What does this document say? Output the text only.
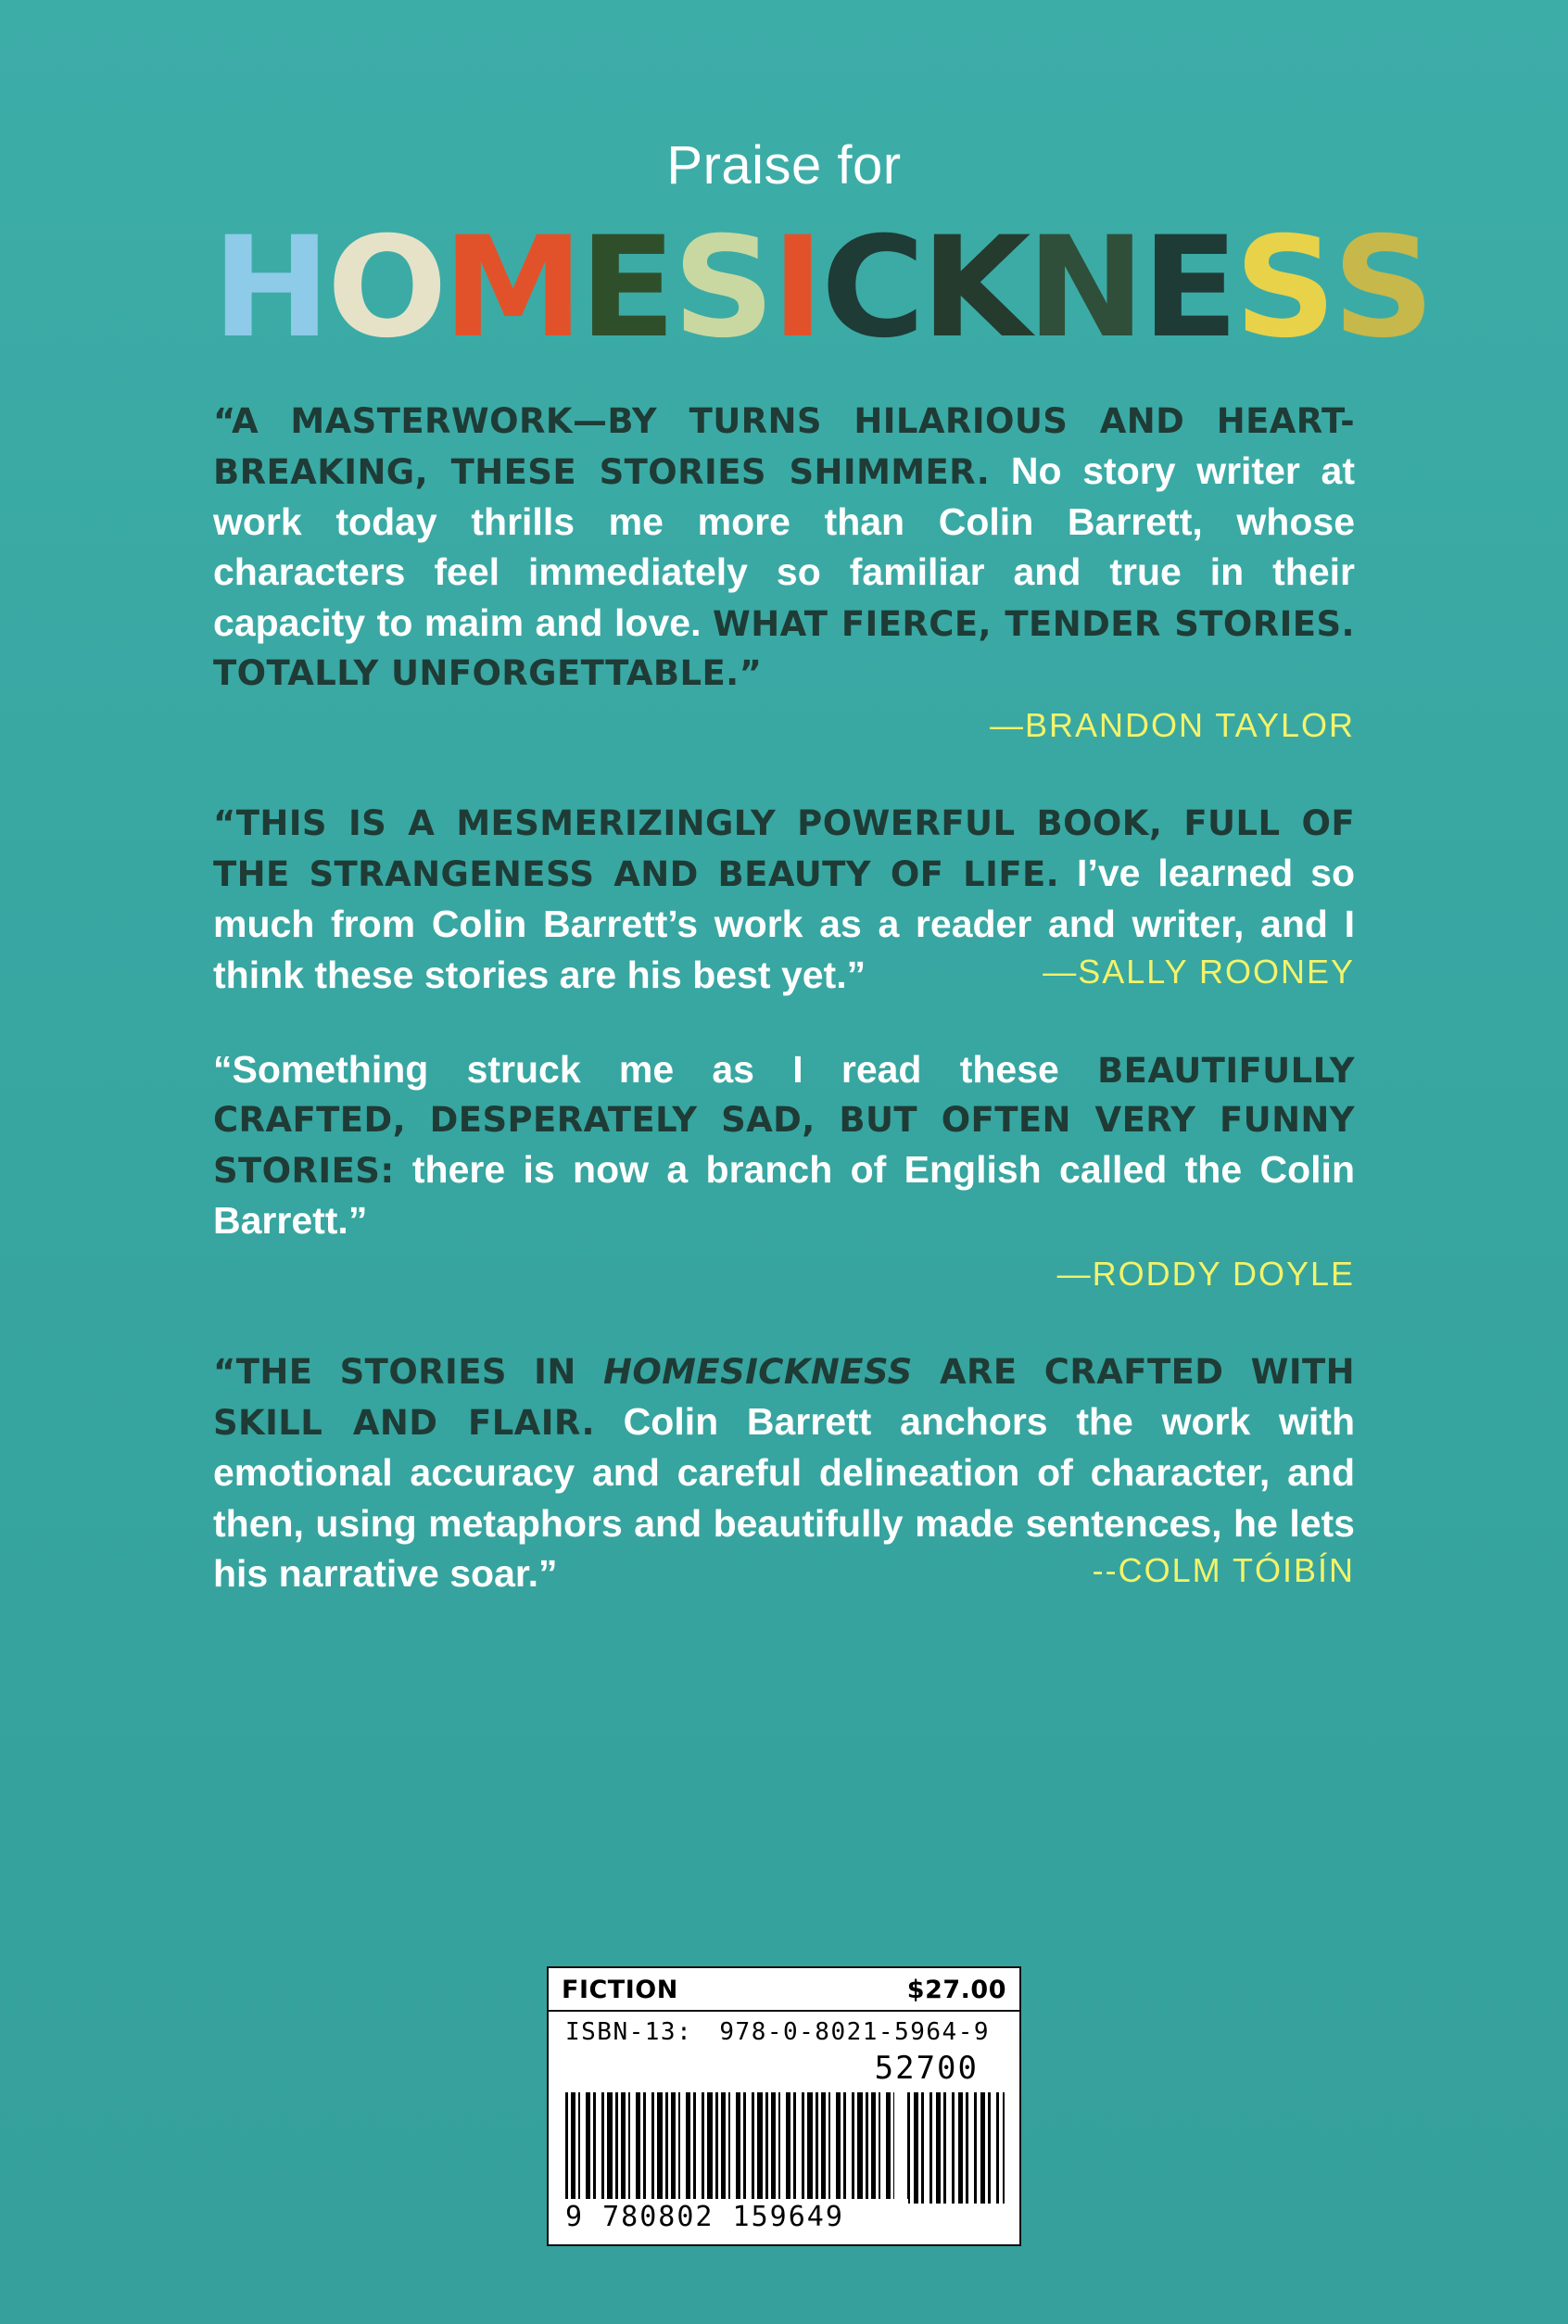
Praise for
HOMESICKNESS

“A MASTERWORK—BY TURNS HILARIOUS AND HEART-BREAKING, THESE STORIES SHIMMER. No story writer at work today thrills me more than Colin Barrett, whose characters feel immediately so familiar and true in their capacity to maim and love. WHAT FIERCE, TENDER STORIES. TOTALLY UNFORGETTABLE.”

—BRANDON TAYLOR

“THIS IS A MESMERIZINGLY POWERFUL BOOK, FULL OF THE STRANGENESS AND BEAUTY OF LIFE. I’ve learned so much from Colin Barrett’s work as a reader and writer, and I think these stories are his best yet.”	—SALLY ROONEY

“Something struck me as I read these BEAUTIFULLY CRAFTED, DESPERATELY SAD, BUT OFTEN VERY FUNNY STORIES: there is now a branch of English called the Colin Barrett.”

—RODDY DOYLE

“THE STORIES IN HOMESICKNESS ARE CRAFTED WITH SKILL AND FLAIR. Colin Barrett anchors the work with emotional accuracy and careful delineation of character, and then, using metaphors and beautifully made sentences, he lets his narrative soar.”	--COLM TÓIBÍN

FICTION	$27.00
ISBN-13: 978-0-8021-5964-9
52700
9 780802 159649
